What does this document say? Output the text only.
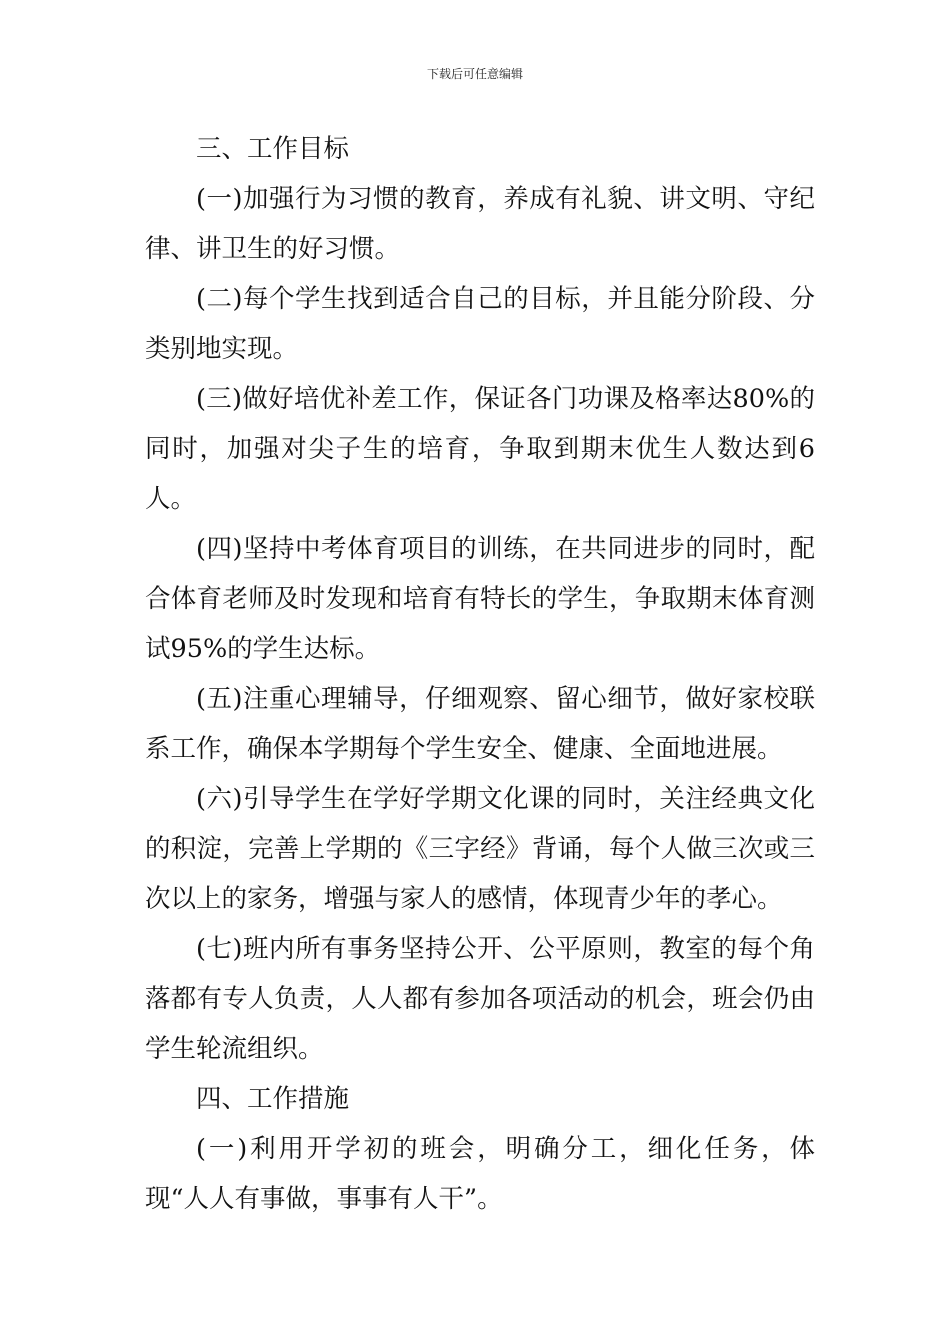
下载后可任意编辑

三、工作目标

(一)加强行为习惯的教育，养成有礼貌、讲文明、守纪律、讲卫生的好习惯。

(二)每个学生找到适合自己的目标，并且能分阶段、分类别地实现。

(三)做好培优补差工作，保证各门功课及格率达80%的同时，加强对尖子生的培育，争取到期末优生人数达到6人。

(四)坚持中考体育项目的训练，在共同进步的同时，配合体育老师及时发现和培育有特长的学生，争取期末体育测试95%的学生达标。

(五)注重心理辅导，仔细观察、留心细节，做好家校联系工作，确保本学期每个学生安全、健康、全面地进展。

(六)引导学生在学好学期文化课的同时，关注经典文化的积淀，完善上学期的《三字经》背诵，每个人做三次或三次以上的家务，增强与家人的感情，体现青少年的孝心。

(七)班内所有事务坚持公开、公平原则，教室的每个角落都有专人负责，人人都有参加各项活动的机会，班会仍由学生轮流组织。

四、工作措施

(一)利用开学初的班会，明确分工，细化任务，体现“人人有事做，事事有人干”。
